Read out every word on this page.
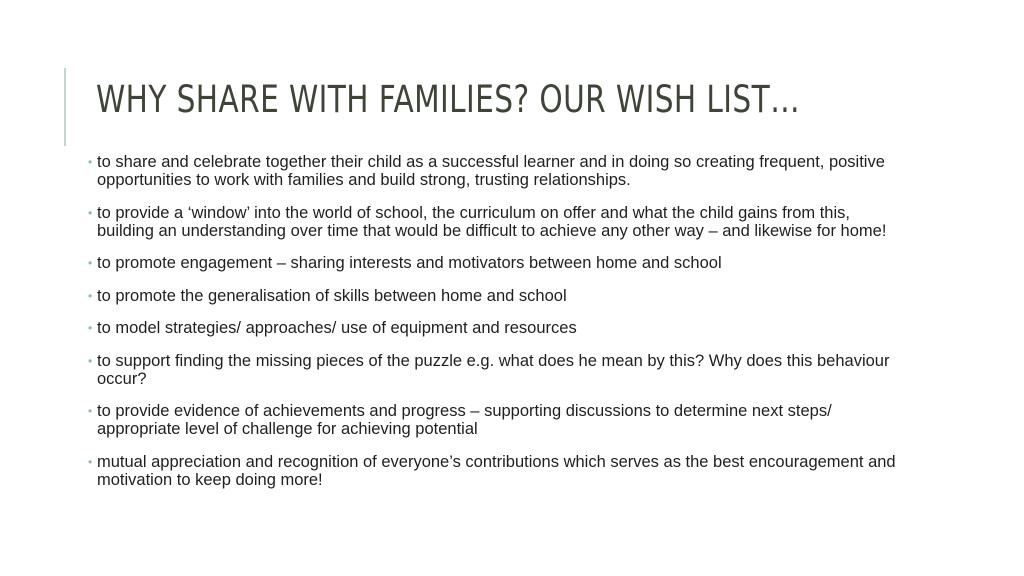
WHY SHARE WITH FAMILIES? OUR WISH LIST…
• to share and celebrate together their child as a successful learner and in doing so creating frequent, positive opportunities to work with families and build strong, trusting relationships.
• to provide a ‘window’ into the world of school, the curriculum on offer and what the child gains from this, building an understanding over time that would be difficult to achieve any other way – and likewise for home!
• to promote engagement – sharing interests and motivators between home and school
• to promote the generalisation of skills between home and school
• to model strategies/ approaches/ use of equipment and resources
• to support finding the missing pieces of the puzzle e.g. what does he mean by this? Why does this behaviour occur?
• to provide evidence of achievements and progress – supporting discussions to determine next steps/ appropriate level of challenge for achieving potential
• mutual appreciation and recognition of everyone’s contributions which serves as the best encouragement and motivation to keep doing more!
